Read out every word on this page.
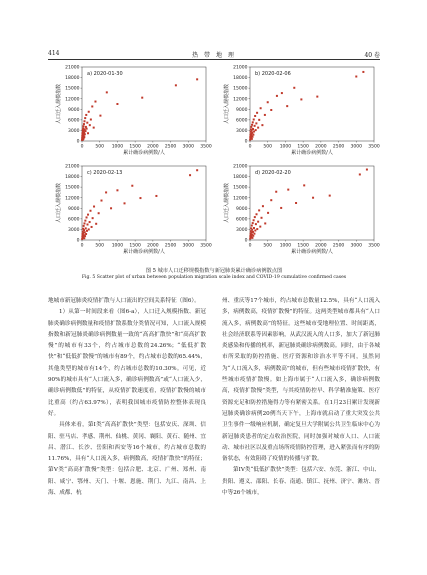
414	热 带 地 理	40 卷
0
3000
6000
9000
12000
15000
18000
21000
0	500 1000 1500 2000 2500 3000 3500
累计确诊病例数/人
人口迁入规模指数
a) 2020-01-30
0
3000
6000
9000
12000
15000
18000
21000
0	500 1000 1500 2000 2500 3000 3500
累计确诊病例数/人
人口迁入规模指数
b) 2020-02-06
0
3000
6000
9000
12000
15000
18000
21000
0	500 1000 1500 2000 2500 3000 3500
累计确诊病例数/人
人口迁入规模指数
c) 2020-02-13
0
3000
6000
9000
12000
15000
18000
21000
0	500 1000 1500 2000 2500 3000 3500
累计确诊病例数/人
人口迁入规模指数
d) 2020-02-20
图 5 城市人口迁移规模指数与新冠肺炎累计确诊病例散点图
Fig. 5 Scatter plot of urban between population migration scale index and COVID-19 cumulative confirmed cases

地城市新冠肺炎疫情扩散与人口流出的空间关系特征（图6）。

1）从第一时间段来看（图6-a），人口迁入规模指数、新冠肺炎确诊病例数量和疫情扩散系数分类情况可知，人口流入规模指数和新冠肺炎确诊病例数量一致的“高高扩散快”和“高高扩散慢”的城市有33个，约占城市总数的24.26%；“低低扩散快”和“低低扩散慢”的城市有89个，约占城市总数的65.44%，其他类型的城市有14个，约占城市总数的10.30%。可见，近90%的城市具有“人口流入多，确诊病例数高”或“人口流入少，确诊病例数低”的特征，从疫情扩散速度看，疫情扩散慢的城市比重高（约占63.97%），表明我国城市疫情防控整体表现良好。

具体来看，第I类“高高扩散快”类型：包括安庆、深圳、信阳、驻马店、孝感、荆州、仙桃、黄冈、襄阳、黄石、随州、宜昌、潜江、长沙、岳阳和西安等16个城市，约占城市总数的11.76%，具有“人口流入多，病例数高，疫情扩散快”的特征；第V类“高高扩散慢”类型：包括合肥、北京、广州、郑州、南阳、咸宁、鄂州、天门、十堰、恩施、荆门、九江、南昌、上海、成都、杭

州、重庆等17个城市，约占城市总数量12.5%，具有“人口流入多，病例数高，疫情扩散慢”的特征。这两类型城市都具有“人口流入多，病例数高”的特征。这些城市受地理位置、时间距离，社会经济联系等因素影响，从武汉流入的人口多，加大了新冠肺炎感染和传播的机率，新冠肺炎确诊病例数高。同时，由于各城市所采取的防控措施、医疗资源和诊治水平等不同，虽然同为“人口流入多，病例数高”的城市，但有些城市疫情扩散快，有些城市疫情扩散慢。如上海市属于“人口流入多，确诊病例数高，疫情扩散慢”类型，与其疫情防控早、科学精准施策、医疗资源充足和防控措施得力等有紧密关系。在1月23日累计发现新冠肺炎确诊病例20例当天下午，上海市就启动了重大突发公共卫生事件一级响应机制，确定复旦大学附属公共卫生临床中心为新冠肺炎患者的定点收治医院，同时加强对城市人口、人口流动、城市社区以及重点场所疫情防控管理，进入紧张而有序的防备状态，有效阻碍了疫情的传播与扩散。

第IV类“低低扩散快”类型：包括六安、东莞、浙江、中山、贵阳、遵义、邵阳、长春、南通、镇江、抚州、济宁、潍坊、晋中等26个城市，
